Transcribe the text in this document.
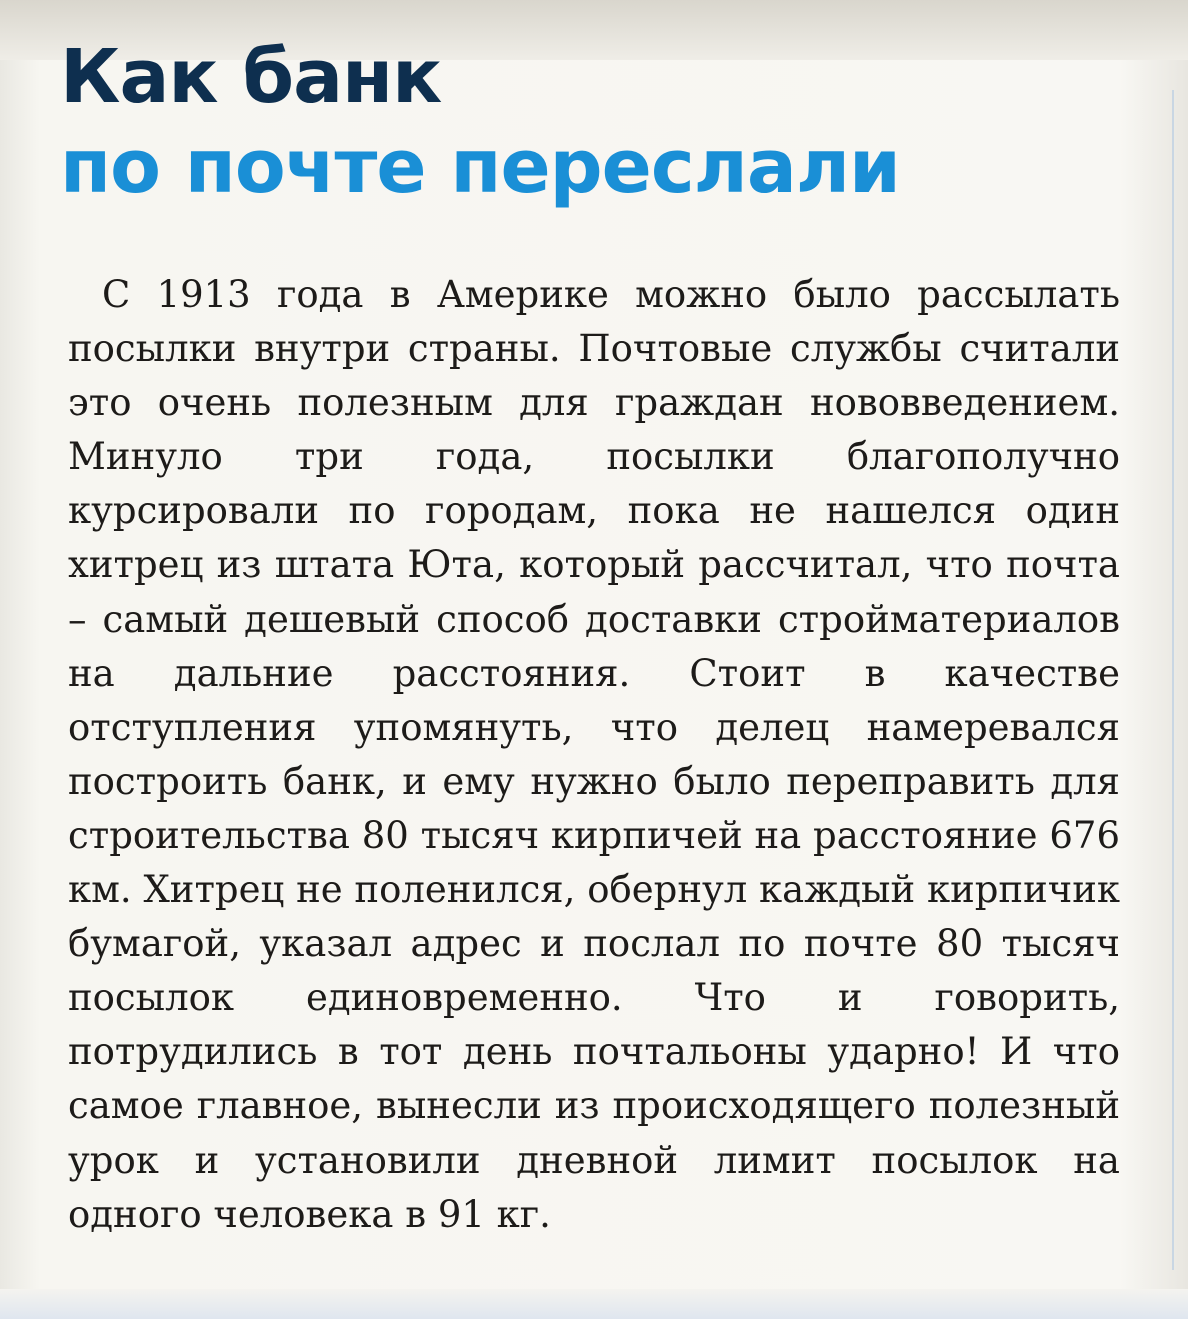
Как банк
по почте переслали

С 1913 года в Америке можно было рассылать посылки внутри страны. Почтовые службы считали это очень полезным для граждан нововведением. Минуло три года, посылки благополучно курсировали по городам, пока не нашелся один хитрец из штата Юта, который рассчитал, что почта – самый дешевый способ доставки стройматериалов на дальние расстояния. Стоит в качестве отступления упомянуть, что делец намеревался построить банк, и ему нужно было переправить для строительства 80 тысяч кирпичей на расстояние 676 км. Хитрец не поленился, обернул каждый кирпичик бумагой, указал адрес и послал по почте 80 тысяч посылок единовременно. Что и говорить, потрудились в тот день почтальоны ударно! И что самое главное, вынесли из происходящего полезный урок и установили дневной лимит посылок на одного человека в 91 кг.
